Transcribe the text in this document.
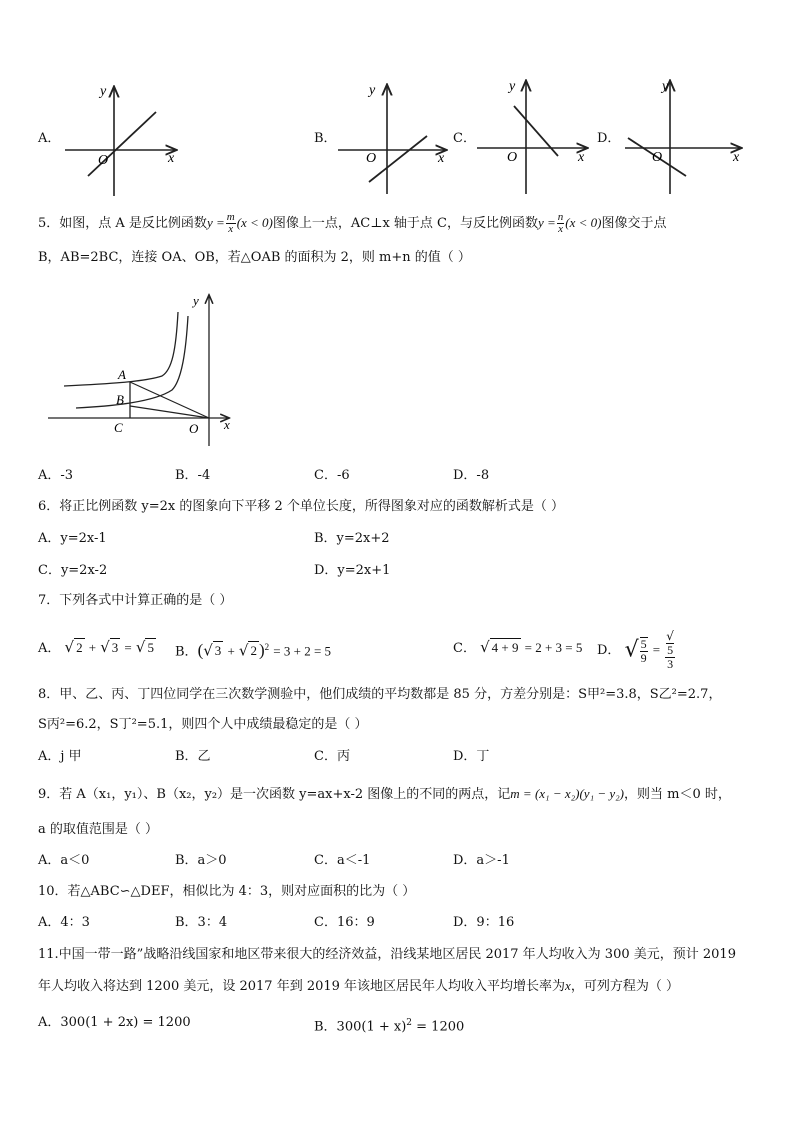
A．
x
y
O
B．
x
y
O
C．
x
y
O
D．
x
y
O
5．如图，点 A 是反比例函数$y = \frac{m}{x} (x < 0)$图像上一点，AC⊥x 轴于点 C，与反比例函数$y = \frac{n}{x} (x < 0)$图像交于点
B，AB=2BC，连接 OA、OB，若△OAB 的面积为 2，则 m+n 的值（ ）
y
x
A
B
C	O
A．-3	B．-4	C．-6	D．-8
6．将正比例函数 y=2x 的图象向下平移 2 个单位长度，所得图象对应的函数解析式是（ ）
A．y=2x-1	B．y=2x+2
C．y=2x-2	D．y=2x+1
7．下列各式中计算正确的是（ ）
A． √ 2 + √ 3 = √ 5 B．(√ 3 + √ 2 )$^2$ = 3 + 2 = 5	C． √ 4 + 9 = 2 + 3 = 5 D． √ $\frac{5}{9}$ = √
5
3
8．甲、乙、丙、丁四位同学在三次数学测验中，他们成绩的平均数都是 85 分，方差分别是：S甲²=3.8，S乙²=2.7，
S丙²=6.2，S丁²=5.1，则四个人中成绩最稳定的是（ ）
A．j 甲	B．乙	C．丙	D．丁
9．若 A（x₁，y₁）、B（x₂，y₂）是一次函数 y=ax+x-2 图像上的不同的两点，记m = (x₁ − x₂)(y₁ − y₂)，则当 m＜0 时，
a 的取值范围是（ ）
A．a＜0	B．a＞0	C．a＜-1	D．a＞-1
10．若△ABC∽△DEF，相似比为 4：3，则对应面积的比为（ ）
A．4：3	B．3：4	C．16：9	D．9：16
11.中国一带一路”战略沿线国家和地区带来很大的经济效益，沿线某地区居民 2017 年人均收入为 300 美元，预计 2019
年人均收入将达到 1200 美元，设 2017 年到 2019 年该地区居民年人均收入平均增长率为x，可列方程为（ ）
A．300(1 + 2x) = 1200	B．$300(1 + x)^2 = 1200$
